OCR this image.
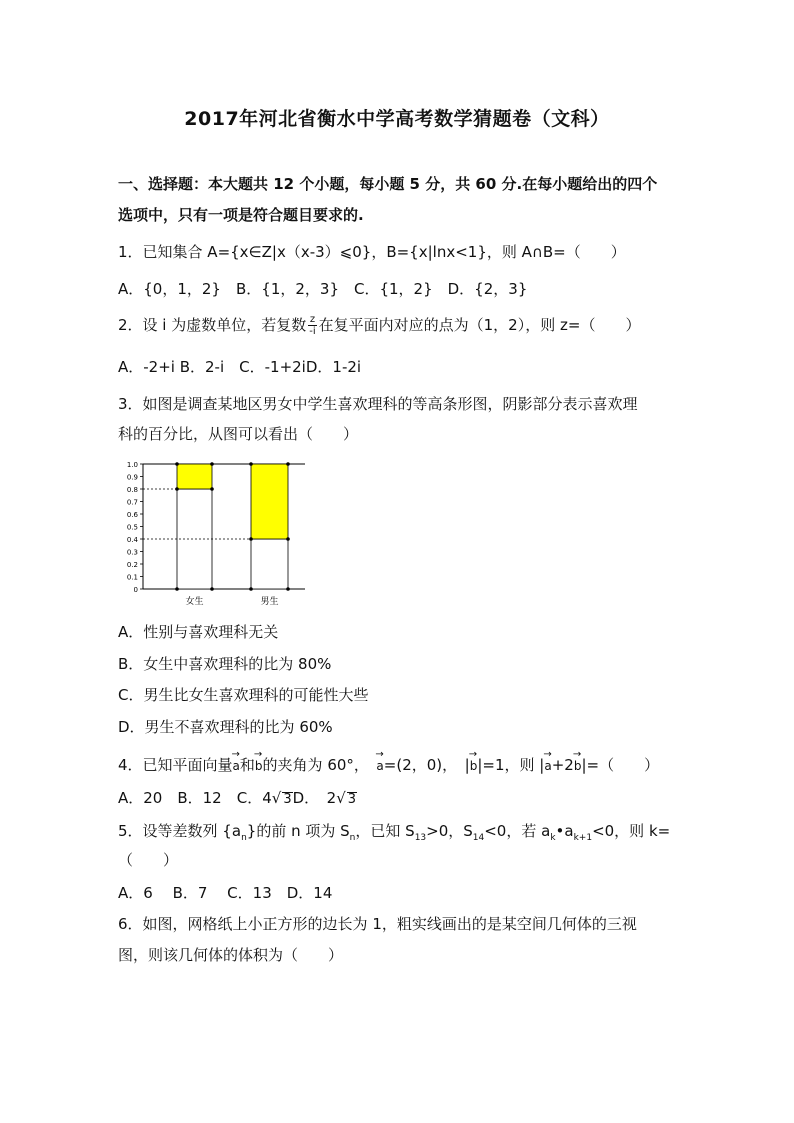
2017年河北省衡水中学高考数学猜题卷（文科）
一、选择题：本大题共 12 个小题，每小题 5 分，共 60 分.在每小题给出的四个
选项中，只有一项是符合题目要求的.
1．已知集合 A={x∈Z|x（x-3）⩽0}，B={x|lnx<1}，则 A∩B=（　　）
A．{0，1，2}　B．{1，2，3}　C．{1，2}　D．{2，3}
2．设 i 为虚数单位，若复数 $\frac{z}{-i}$ 在复平面内对应的点为（1，2），则 z=（　　）
A．-2+i B．2-i　C．-1+2iD．1-2i
3．如图是调查某地区男女中学生喜欢理科的等高条形图，阴影部分表示喜欢理
科的百分比，从图可以看出（　　）
0
0.1
0.2
0.3
0.4
0.5
0.6
0.7
0.8
0.9
1.0
女生	男生
A．性别与喜欢理科无关
B．女生中喜欢理科的比为 80%
C．男生比女生喜欢理科的可能性大些
D．男生不喜欢理科的比为 60%
4．已知平面向量→ a和→ b的夹角为 60°，　→ a=(2，0)，　 |→ b|=1，则 |→ a+2→ b|=（　　）
A．20　B．12　C．4√ 3D．　 2√ 3
5．设等差数列 $\{a_n\}$的前 n 项为 $S_n$，已知 $S_{13}>0$，$S_{14}<0$，若 $a_k•a_{k+1}<0$，则 k=
（　　）
A．6　 B．7　 C．13　D．14
6．如图，网格纸上小正方形的边长为 1，粗实线画出的是某空间几何体的三视
图，则该几何体的体积为（　　）
